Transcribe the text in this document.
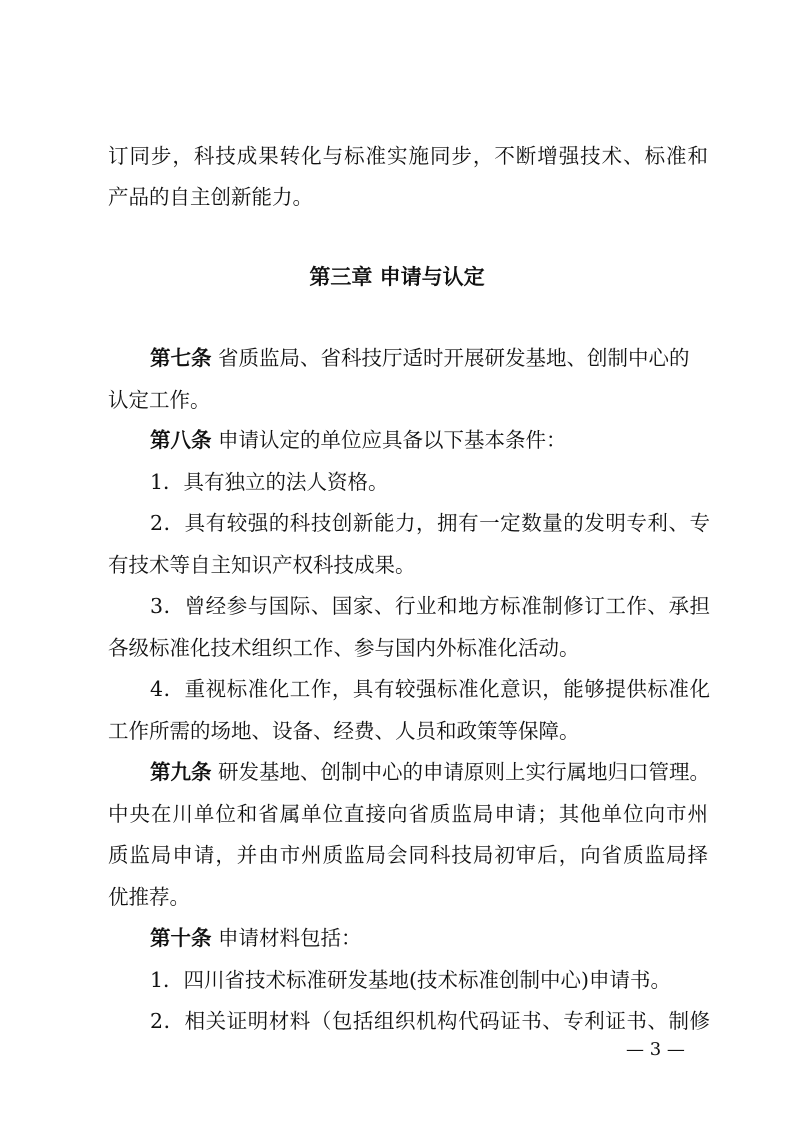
订同步，科技成果转化与标准实施同步，不断增强技术、标准和
产品的自主创新能力。
第三章 申请与认定
第七条 省质监局、省科技厅适时开展研发基地、创制中心的
认定工作。
第八条 申请认定的单位应具备以下基本条件：
1．具有独立的法人资格。
2．具有较强的科技创新能力，拥有一定数量的发明专利、专
有技术等自主知识产权科技成果。
3．曾经参与国际、国家、行业和地方标准制修订工作、承担
各级标准化技术组织工作、参与国内外标准化活动。
4．重视标准化工作，具有较强标准化意识，能够提供标准化
工作所需的场地、设备、经费、人员和政策等保障。
第九条 研发基地、创制中心的申请原则上实行属地归口管理。
中央在川单位和省属单位直接向省质监局申请；其他单位向市州
质监局申请，并由市州质监局会同科技局初审后，向省质监局择
优推荐。
第十条 申请材料包括：
1．四川省技术标准研发基地(技术标准创制中心)申请书。
2．相关证明材料（包括组织机构代码证书、专利证书、制修
— 3 —
